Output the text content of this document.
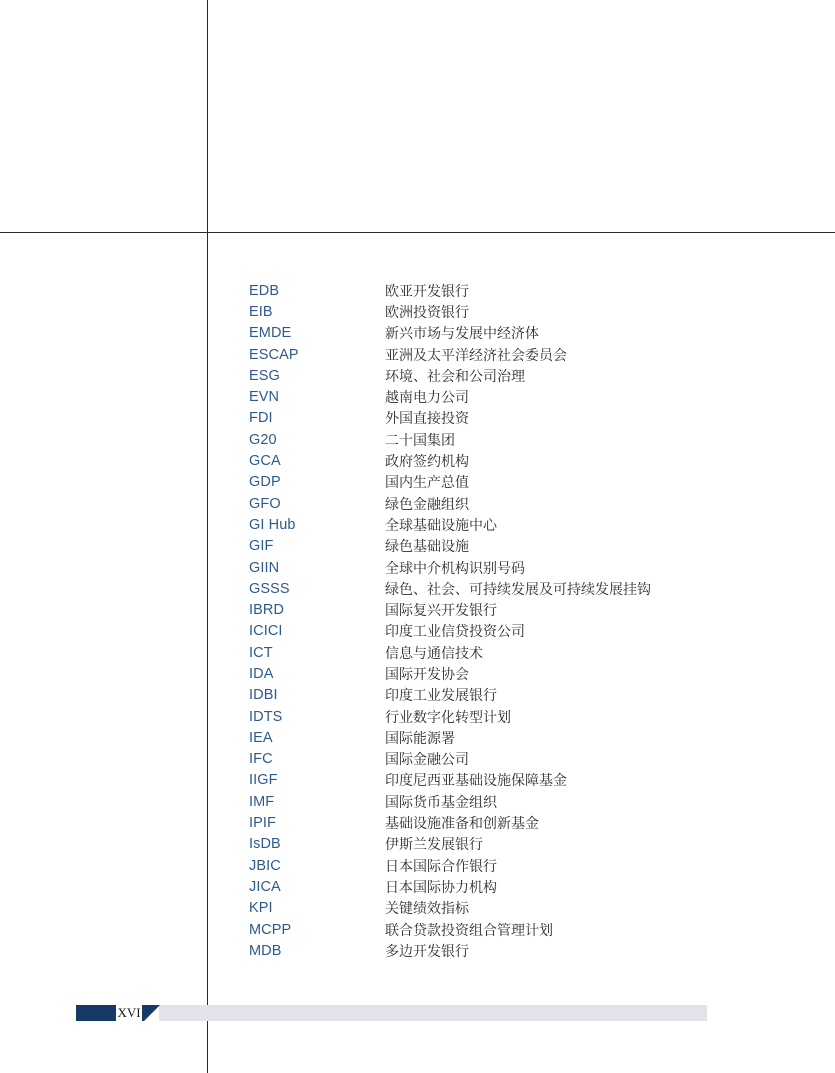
EDB	欧亚开发银行
EIB	欧洲投资银行
EMDE	新兴市场与发展中经济体
ESCAP	亚洲及太平洋经济社会委员会
ESG	环境、社会和公司治理
EVN	越南电力公司
FDI	外国直接投资
G20	二十国集团
GCA	政府签约机构
GDP	国内生产总值
GFO	绿色金融组织
GI Hub	全球基础设施中心
GIF	绿色基础设施
GIIN	全球中介机构识别号码
GSSS	绿色、社会、可持续发展及可持续发展挂钩
IBRD	国际复兴开发银行
ICICI	印度工业信贷投资公司
ICT	信息与通信技术
IDA	国际开发协会
IDBI	印度工业发展银行
IDTS	行业数字化转型计划
IEA	国际能源署
IFC	国际金融公司
IIGF	印度尼西亚基础设施保障基金
IMF	国际货币基金组织
IPIF	基础设施准备和创新基金
IsDB	伊斯兰发展银行
JBIC	日本国际合作银行
JICA	日本国际协力机构
KPI	关键绩效指标
MCPP	联合贷款投资组合管理计划
MDB	多边开发银行
XVI
